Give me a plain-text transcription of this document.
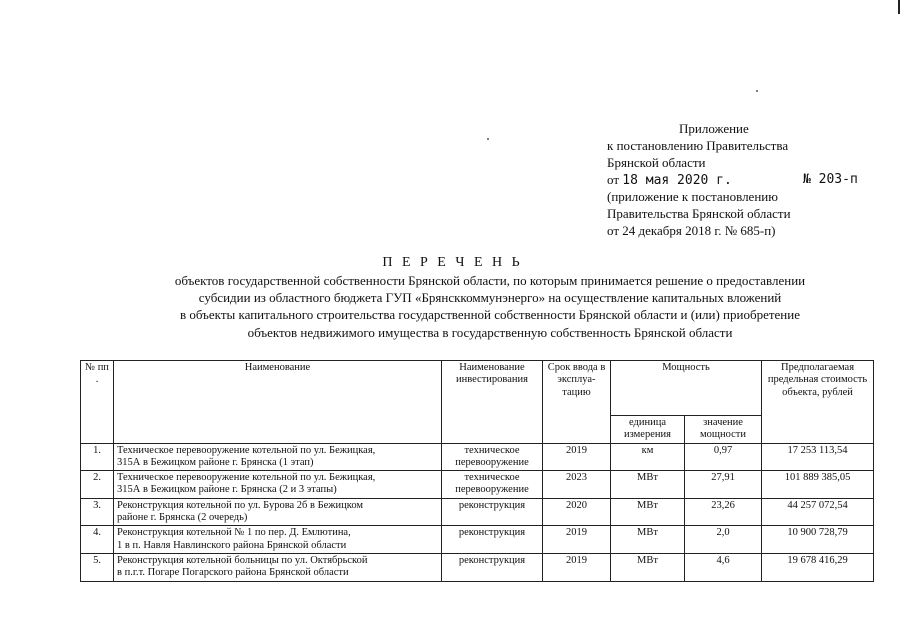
Приложение
к постановлению Правительства
Брянской области
от 18 мая 2020 г.	№ 203-п
(приложение к постановлению
Правительства Брянской области
от 24 декабря 2018 г. № 685-п)
П Е Р Е Ч Е Н Ь
объектов государственной собственности Брянской области, по которым принимается решение о предоставлении
субсидии из областного бюджета ГУП «Брянсккоммунэнерго» на осуществление капитальных вложений
в объекты капитального строительства государственной собственности Брянской области и (или) приобретение
объектов недвижимого имущества в государственную собственность Брянской области
№ пп .	Наименование	Наименование инвестирования	Срок ввода в эксплуа-тацию	Мощность		Предполагаемая предельная стоимость объекта, рублей
				единица измерения	значение мощности	
1.	Техническое перевооружение котельной по ул. Бежицкая,
315А в Бежицком районе г. Брянска (1 этап)	техническое перевооружение	2019	км	0,97	17 253 113,54
2.	Техническое перевооружение котельной по ул. Бежицкая,
315А в Бежицком районе г. Брянска (2 и 3 этапы)	техническое перевооружение	2023	МВт	27,91	101 889 385,05
3.	Реконструкция котельной по ул. Бурова 2б в Бежицком
районе г. Брянска (2 очередь)	реконструкция	2020	МВт	23,26	44 257 072,54
4.	Реконструкция котельной № 1 по пер. Д. Емлютина,
1 в п. Навля Навлинского района Брянской области	реконструкция	2019	МВт	2,0	10 900 728,79
5.	Реконструкция котельной больницы по ул. Октябрьской
в п.г.т. Погаре Погарского района Брянской области	реконструкция	2019	МВт	4,6	19 678 416,29
